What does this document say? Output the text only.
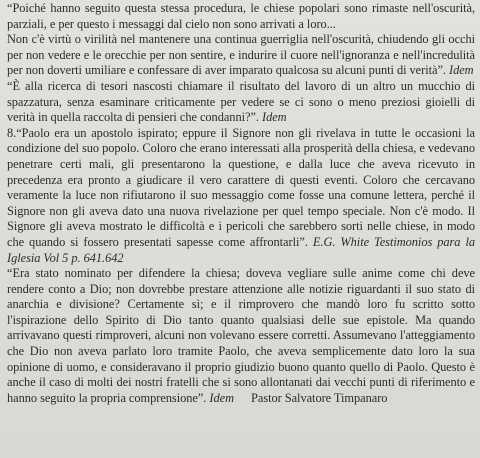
“Poiché hanno seguito questa stessa procedura, le chiese popolari sono rimaste nell'oscurità, parziali, e per questo i messaggi dal cielo non sono arrivati a loro...

Non c'è virtù o virilità nel mantenere una continua guerriglia nell'oscurità, chiudendo gli occhi per non vedere e le orecchie per non sentire, e indurire il cuore nell'ignoranza e nell'incredulità per non doverti umiliare e confessare di aver imparato qualcosa su alcuni punti di verità”. Idem

“È alla ricerca di tesori nascosti chiamare il risultato del lavoro di un altro un mucchio di spazzatura, senza esaminare criticamente per vedere se ci sono o meno preziosi gioielli di verità in quella raccolta di pensieri che condanni?”. Idem

8.“Paolo era un apostolo ispirato; eppure il Signore non gli rivelava in tutte le occasioni la condizione del suo popolo. Coloro che erano interessati alla prosperità della chiesa, e vedevano penetrare certi mali, gli presentarono la questione, e dalla luce che aveva ricevuto in precedenza era pronto a giudicare il vero carattere di questi eventi. Coloro che cercavano veramente la luce non rifiutarono il suo messaggio come fosse una comune lettera, perché il Signore non gli aveva dato una nuova rivelazione per quel tempo speciale. Non c'è modo. Il Signore gli aveva mostrato le difficoltà e i pericoli che sarebbero sorti nelle chiese, in modo che quando si fossero presentati sapesse come affrontarli”. E.G. White Testimonios para la Iglesia Vol 5 p. 641.642

“Era stato nominato per difendere la chiesa; doveva vegliare sulle anime come chi deve rendere conto a Dio; non dovrebbe prestare attenzione alle notizie riguardanti il suo stato di anarchia e divisione? Certamente sì; e il rimprovero che mandò loro fu scritto sotto l'ispirazione dello Spirito di Dio tanto quanto qualsiasi delle sue epistole. Ma quando arrivavano questi rimproveri, alcuni non volevano essere corretti. Assumevano l'atteggiamento che Dio non aveva parlato loro tramite Paolo, che aveva semplicemente dato loro la sua opinione di uomo, e consideravano il proprio giudizio buono quanto quello di Paolo. Questo è anche il caso di molti dei nostri fratelli che si sono allontanati dai vecchi punti di riferimento e hanno seguito la propria comprensione”. Idem Pastor Salvatore Timpanaro
